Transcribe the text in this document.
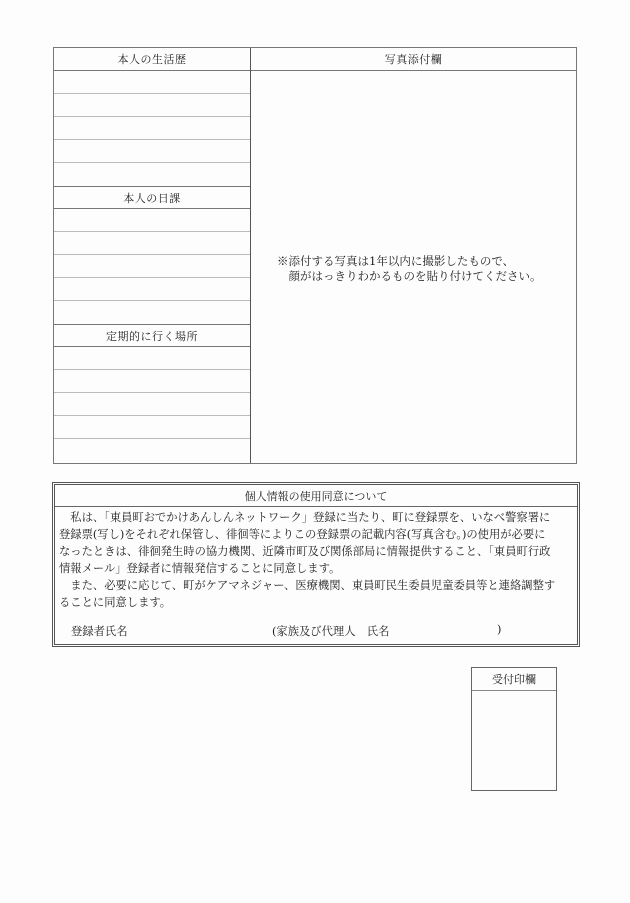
本人の生活歴
本人の日課
定期的に行く場所
写真添付欄
※添付する写真は1年以内に撮影したもので、
　顔がはっきりわかるものを貼り付けてください。
個人情報の使用同意について

　私は、「東員町おでかけあんしんネットワーク」登録に当たり、町に登録票を、いなべ警察署に

登録票(写し)をそれぞれ保管し、徘徊等によりこの登録票の記載内容(写真含む。)の使用が必要に

なったときは、徘徊発生時の協力機関、近隣市町及び関係部局に情報提供すること、「東員町行政

情報メール」登録者に情報発信することに同意します。

　また、必要に応じて、町がケアマネジャー、医療機関、東員町民生委員児童委員等と連絡調整す

ることに同意します。

登録者氏名	(家族及び代理人　氏名	)
受付印欄
